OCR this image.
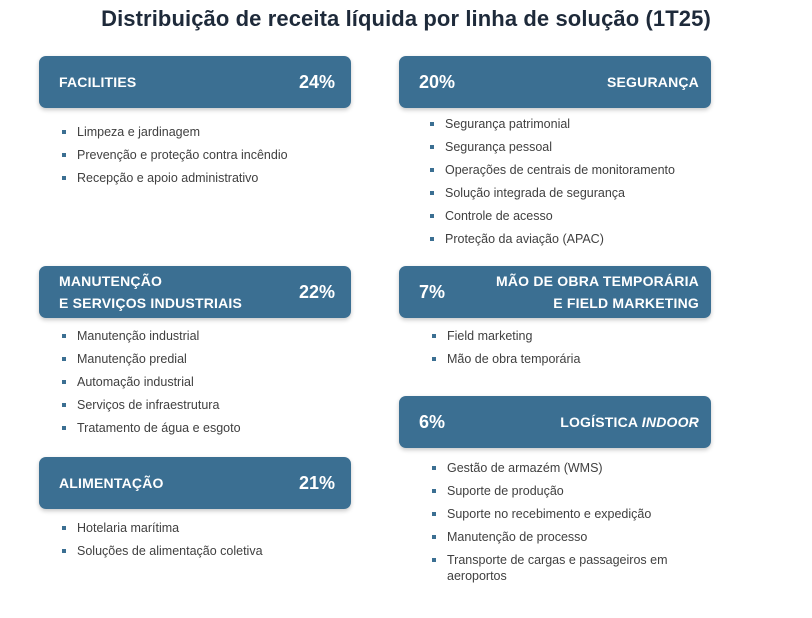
Distribuição de receita líquida por linha de solução (1T25)
FACILITIES	24%
Limpeza e jardinagem
Prevenção e proteção contra incêndio
Recepção e apoio administrativo
MANUTENÇÃO
E SERVIÇOS INDUSTRIAIS
22%
Manutenção industrial
Manutenção predial
Automação industrial
Serviços de infraestrutura
Tratamento de água e esgoto
ALIMENTAÇÃO	21%
Hotelaria marítima
Soluções de alimentação coletiva
20%	SEGURANÇA
Segurança patrimonial
Segurança pessoal
Operações de centrais de monitoramento
Solução integrada de segurança
Controle de acesso
Proteção da aviação (APAC)
7%
MÃO DE OBRA TEMPORÁRIA
E FIELD MARKETING
Field marketing
Mão de obra temporária
6%	LOGÍSTICA INDOOR
Gestão de armazém (WMS)
Suporte de produção
Suporte no recebimento e expedição
Manutenção de processo
Transporte de cargas e passageiros em aeroportos
